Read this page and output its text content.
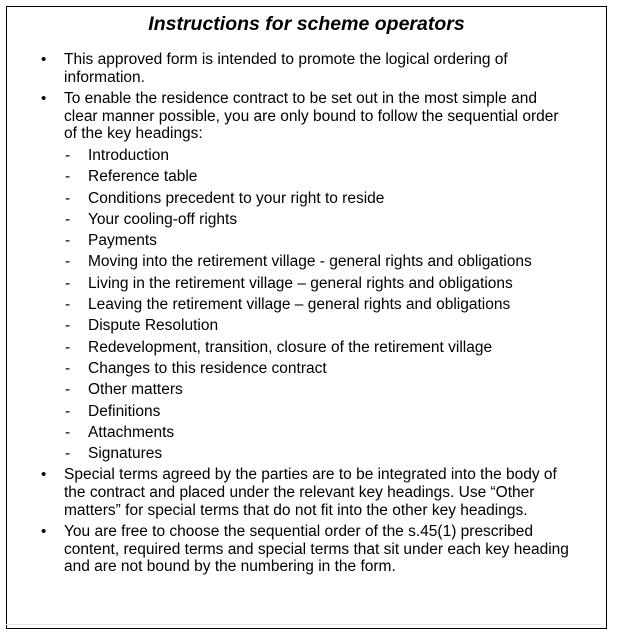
Instructions for scheme operators
• This approved form is intended to promote the logical ordering of information.
• To enable the residence contract to be set out in the most simple and clear manner possible, you are only bound to follow the sequential order of the key headings:
- Introduction
- Reference table
- Conditions precedent to your right to reside
- Your cooling-off rights
- Payments
- Moving into the retirement village - general rights and obligations
- Living in the retirement village – general rights and obligations
- Leaving the retirement village – general rights and obligations
- Dispute Resolution
- Redevelopment, transition, closure of the retirement village
- Changes to this residence contract
- Other matters
- Definitions
- Attachments
- Signatures
• Special terms agreed by the parties are to be integrated into the body of the contract and placed under the relevant key headings. Use “Other matters” for special terms that do not fit into the other key headings.
• You are free to choose the sequential order of the s.45(1) prescribed content, required terms and special terms that sit under each key heading and are not bound by the numbering in the form.
